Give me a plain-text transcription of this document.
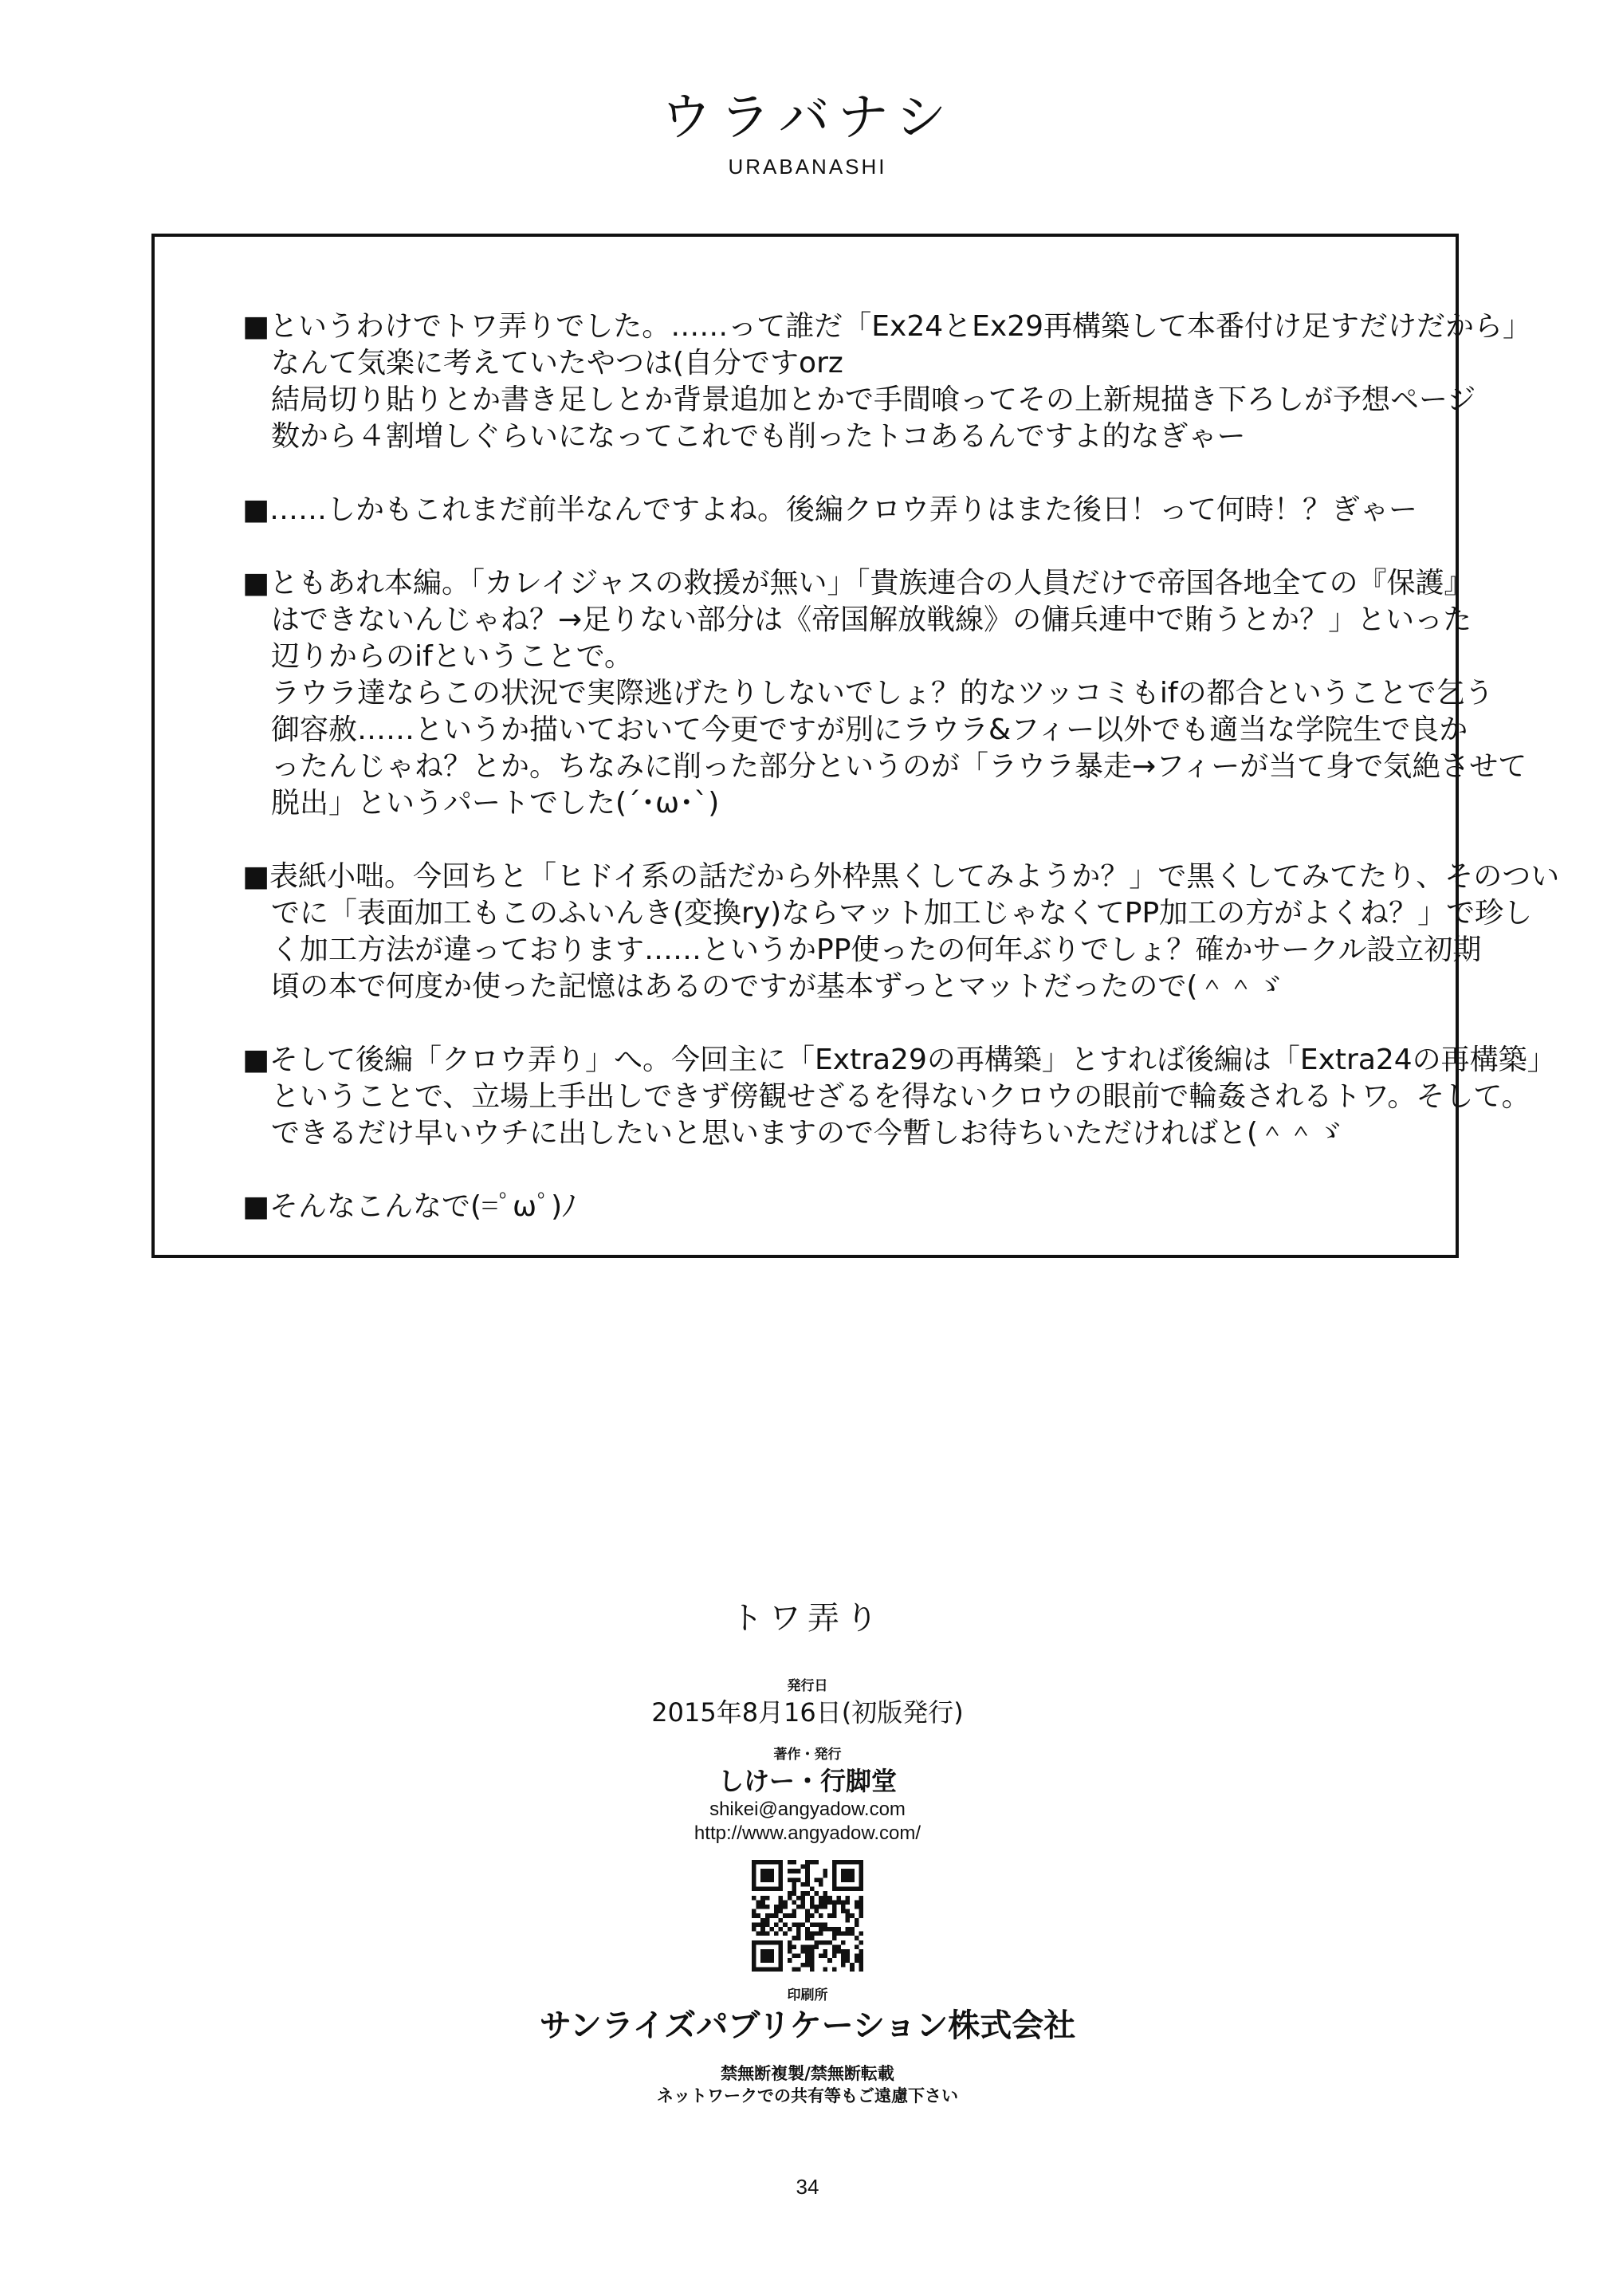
ウラバナシ
URABANASHI
■というわけでトワ弄りでした。……って誰だ「Ex24とEx29再構築して本番付け足すだけだから」
なんて気楽に考えていたやつは(自分ですorz
結局切り貼りとか書き足しとか背景追加とかで手間喰ってその上新規描き下ろしが予想ページ
数から４割増しぐらいになってこれでも削ったトコあるんですよ的なぎゃー
■……しかもこれまだ前半なんですよね。後編クロウ弄りはまた後日！って何時！？ぎゃー
■ともあれ本編。「カレイジャスの救援が無い」「貴族連合の人員だけで帝国各地全ての『保護』
はできないんじゃね？→足りない部分は《帝国解放戦線》の傭兵連中で賄うとか？」といった
辺りからのifということで。
ラウラ達ならこの状況で実際逃げたりしないでしょ？的なツッコミもifの都合ということで乞う
御容赦……というか描いておいて今更ですが別にラウラ&フィー以外でも適当な学院生で良か
ったんじゃね？とか。ちなみに削った部分というのが「ラウラ暴走→フィーが当て身で気絶させて
脱出」というパートでした(´･ω･`)
■表紙小咄。今回ちと「ヒドイ系の話だから外枠黒くしてみようか？」で黒くしてみてたり、そのつい
でに「表面加工もこのふいんき(変換ry)ならマット加工じゃなくてPP加工の方がよくね？」で珍し
く加工方法が違っております……というかPP使ったの何年ぶりでしょ？確かサークル設立初期
頃の本で何度か使った記憶はあるのですが基本ずっとマットだったので(＾＾ゞ
■そして後編「クロウ弄り」へ。今回主に「Extra29の再構築」とすれば後編は「Extra24の再構築」
ということで、立場上手出しできず傍観せざるを得ないクロウの眼前で輪姦されるトワ。そして。
できるだけ早いウチに出したいと思いますので今暫しお待ちいただければと(＾＾ゞ
■そんなこんなで(=ﾟωﾟ)ﾉ
トワ弄り
発行日
2015年8月16日(初版発行)
著作・発行
しけー・行脚堂
shikei@angyadow.com
http://www.angyadow.com/
印刷所
サンライズパブリケーション株式会社
禁無断複製/禁無断転載
ネットワークでの共有等もご遠慮下さい
34
